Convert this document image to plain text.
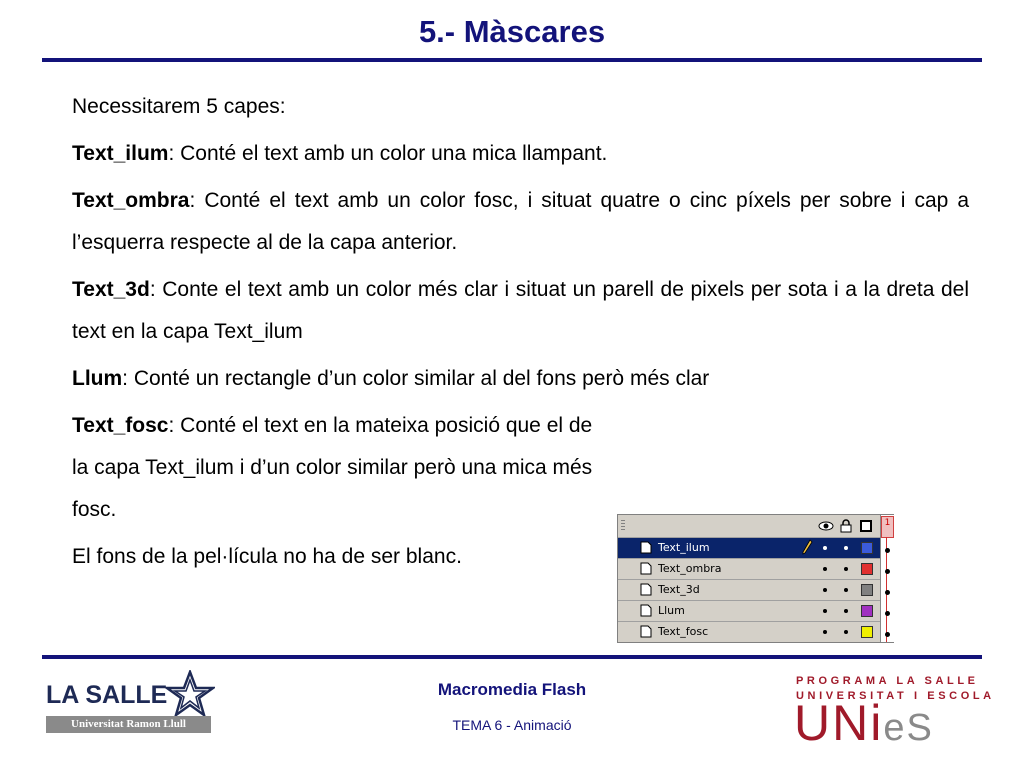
5.- Màscares

Necessitarem 5 capes:

Text_ilum: Conté el text amb un color una mica llampant.

Text_ombra: Conté el text amb un color fosc, i situat quatre o cinc píxels per sobre i cap a l’esquerra respecte al de la capa anterior.

Text_3d: Conte el text amb un color més clar i situat un parell de pixels per sota i a la dreta del text en la capa Text_ilum

Llum: Conté un rectangle d’un color similar al del fons però més clar

Text_fosc: Conté el text en la mateixa posició que el de la capa Text_ilum i d’un color similar però una mica més fosc.

El fons de la pel·lícula no ha de ser blanc.

1
Text_ilum
Text_ombra
Text_3d
Llum
Text_fosc
LA SALLE
Universitat Ramon Llull
Macromedia Flash
TEMA 6 - Animació
PROGRAMA LA SALLE
UNIVERSITAT I ESCOLA
UNieS
